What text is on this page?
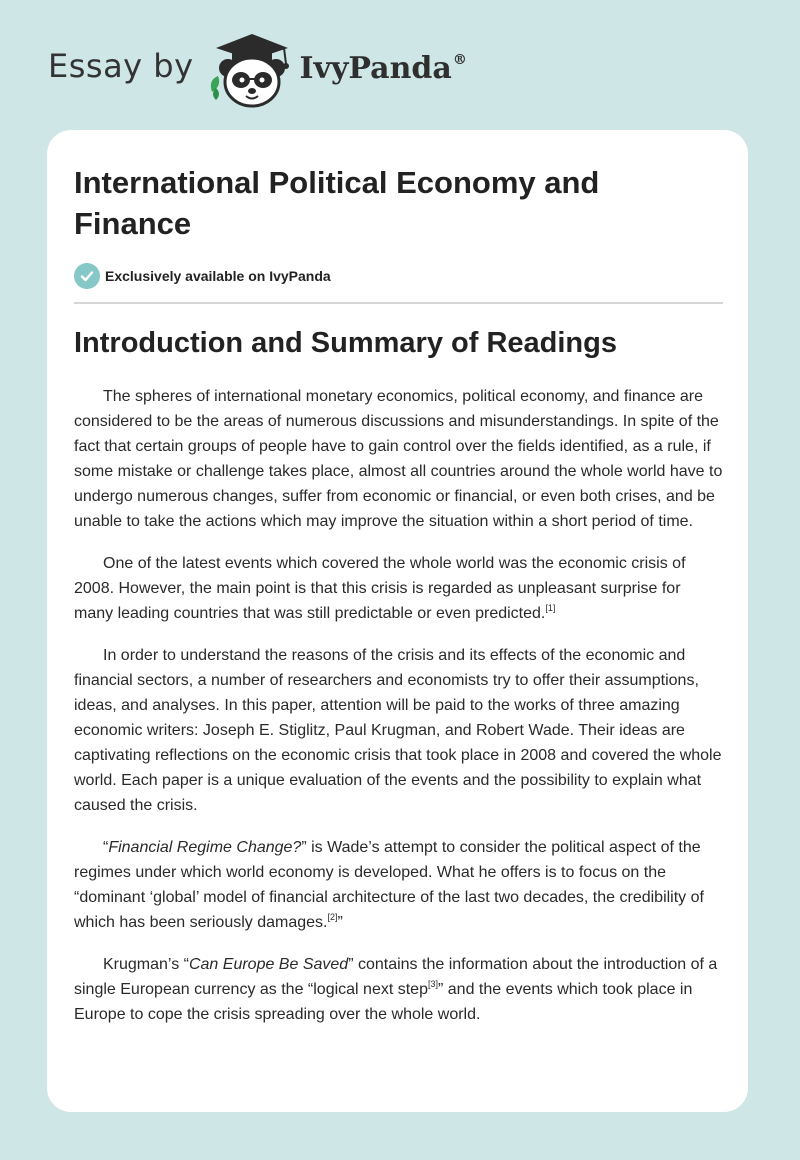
Essay by	IvyPanda®
International Political Economy and Finance
Exclusively available on IvyPanda
Introduction and Summary of Readings

The spheres of international monetary economics, political economy, and finance are considered to be the areas of numerous discussions and misunderstandings. In spite of the fact that certain groups of people have to gain control over the fields identified, as a rule, if some mistake or challenge takes place, almost all countries around the whole world have to undergo numerous changes, suffer from economic or financial, or even both crises, and be unable to take the actions which may improve the situation within a short period of time.

One of the latest events which covered the whole world was the economic crisis of 2008. However, the main point is that this crisis is regarded as unpleasant surprise for many leading countries that was still predictable or even predicted.[1]

In order to understand the reasons of the crisis and its effects of the economic and financial sectors, a number of researchers and economists try to offer their assumptions, ideas, and analyses. In this paper, attention will be paid to the works of three amazing economic writers: Joseph E. Stiglitz, Paul Krugman, and Robert Wade. Their ideas are captivating reflections on the economic crisis that took place in 2008 and covered the whole world. Each paper is a unique evaluation of the events and the possibility to explain what caused the crisis.

“Financial Regime Change?” is Wade’s attempt to consider the political aspect of the regimes under which world economy is developed. What he offers is to focus on the “dominant ‘global’ model of financial architecture of the last two decades, the credibility of which has been seriously damages.[2]”

Krugman’s “Can Europe Be Saved” contains the information about the introduction of a single European currency as the “logical next step[3]” and the events which took place in Europe to cope the crisis spreading over the whole world.
